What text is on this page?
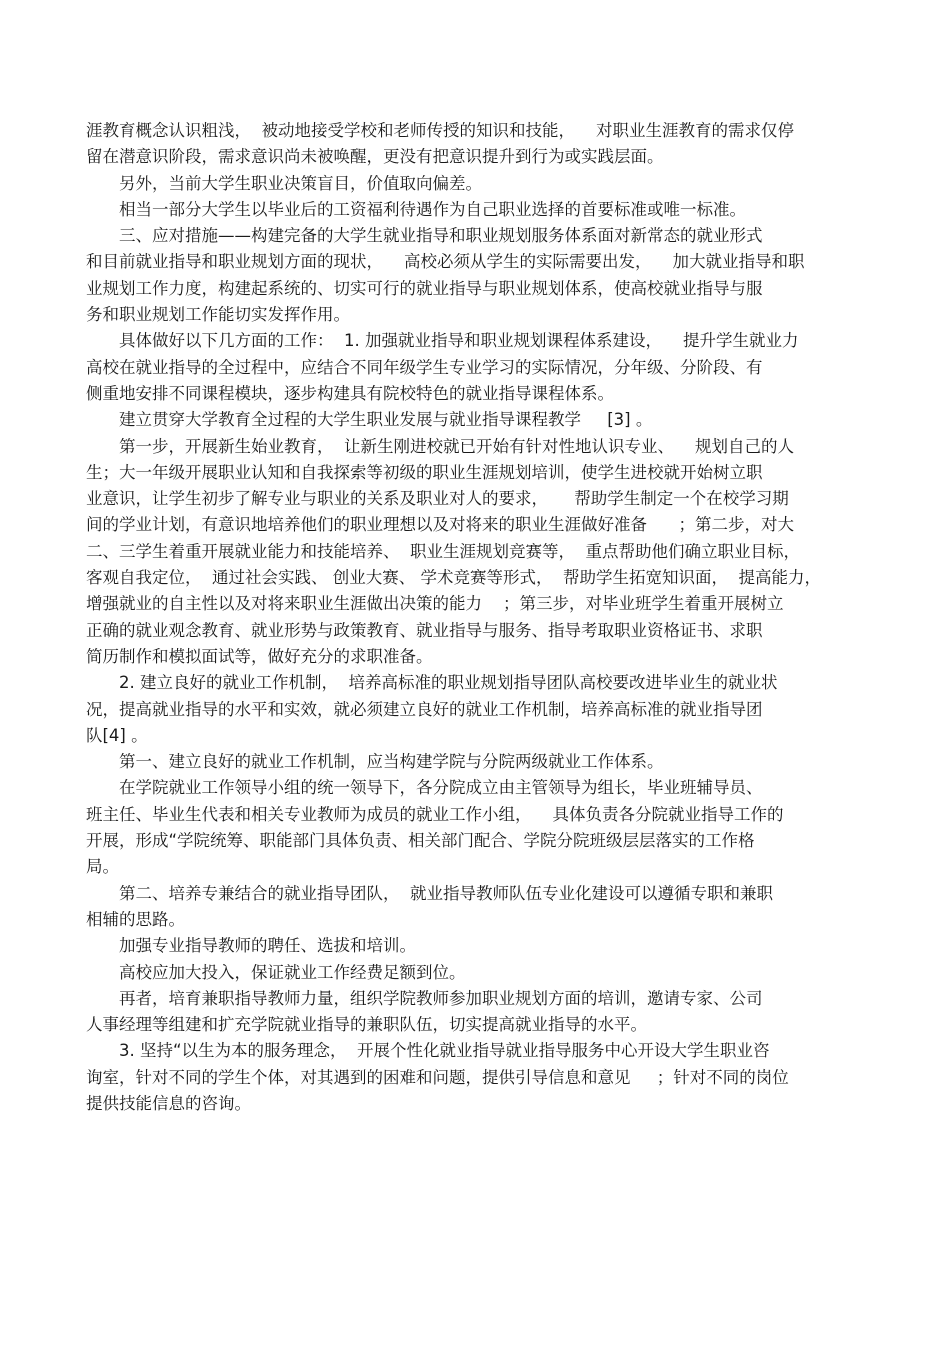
涯教育概念认识粗浅，  被动地接受学校和老师传授的知识和技能，    对职业生涯教育的需求仅停
留在潜意识阶段，需求意识尚未被唤醒，更没有把意识提升到行为或实践层面。
　　另外，当前大学生职业决策盲目，价值取向偏差。
　　相当一部分大学生以毕业后的工资福利待遇作为自己职业选择的首要标准或唯一标准。
　　三、应对措施——构建完备的大学生就业指导和职业规划服务体系面对新常态的就业形式
和目前就业指导和职业规划方面的现状，    高校必须从学生的实际需要出发，    加大就业指导和职
业规划工作力度，构建起系统的、切实可行的就业指导与职业规划体系，使高校就业指导与服
务和职业规划工作能切实发挥作用。
　　具体做好以下几方面的工作：  1. 加强就业指导和职业规划课程体系建设，    提升学生就业力
高校在就业指导的全过程中，应结合不同年级学生专业学习的实际情况，分年级、分阶段、有
侧重地安排不同课程模块，逐步构建具有院校特色的就业指导课程体系。
　　建立贯穿大学教育全过程的大学生职业发展与就业指导课程教学     [3] 。
　　第一步，开展新生始业教育，  让新生刚进校就已开始有针对性地认识专业、    规划自己的人
生；大一年级开展职业认知和自我探索等初级的职业生涯规划培训，使学生进校就开始树立职
业意识，让学生初步了解专业与职业的关系及职业对人的要求，     帮助学生制定一个在校学习期
间的学业计划，有意识地培养他们的职业理想以及对将来的职业生涯做好准备      ；第二步，对大
二、三学生着重开展就业能力和技能培养、  职业生涯规划竞赛等，  重点帮助他们确立职业目标，
客观自我定位，  通过社会实践、 创业大赛、 学术竞赛等形式，  帮助学生拓宽知识面，  提高能力，
增强就业的自主性以及对将来职业生涯做出决策的能力    ；第三步，对毕业班学生着重开展树立
正确的就业观念教育、就业形势与政策教育、就业指导与服务、指导考取职业资格证书、求职
简历制作和模拟面试等，做好充分的求职准备。
　　2. 建立良好的就业工作机制，  培养高标准的职业规划指导团队高校要改进毕业生的就业状
况，提高就业指导的水平和实效，就必须建立良好的就业工作机制，培养高标准的就业指导团
队[4] 。
　　第一、建立良好的就业工作机制，应当构建学院与分院两级就业工作体系。
　　在学院就业工作领导小组的统一领导下，各分院成立由主管领导为组长，毕业班辅导员、
班主任、毕业生代表和相关专业教师为成员的就业工作小组，    具体负责各分院就业指导工作的
开展，形成“学院统筹、职能部门具体负责、相关部门配合、学院分院班级层层落实的工作格
局。
　　第二、培养专兼结合的就业指导团队，  就业指导教师队伍专业化建设可以遵循专职和兼职
相辅的思路。
　　加强专业指导教师的聘任、选拔和培训。
　　高校应加大投入，保证就业工作经费足额到位。
　　再者，培育兼职指导教师力量，组织学院教师参加职业规划方面的培训，邀请专家、公司
人事经理等组建和扩充学院就业指导的兼职队伍，切实提高就业指导的水平。
　　3. 坚持“以生为本的服务理念，  开展个性化就业指导就业指导服务中心开设大学生职业咨
询室，针对不同的学生个体，对其遇到的困难和问题，提供引导信息和意见     ；针对不同的岗位
提供技能信息的咨询。
